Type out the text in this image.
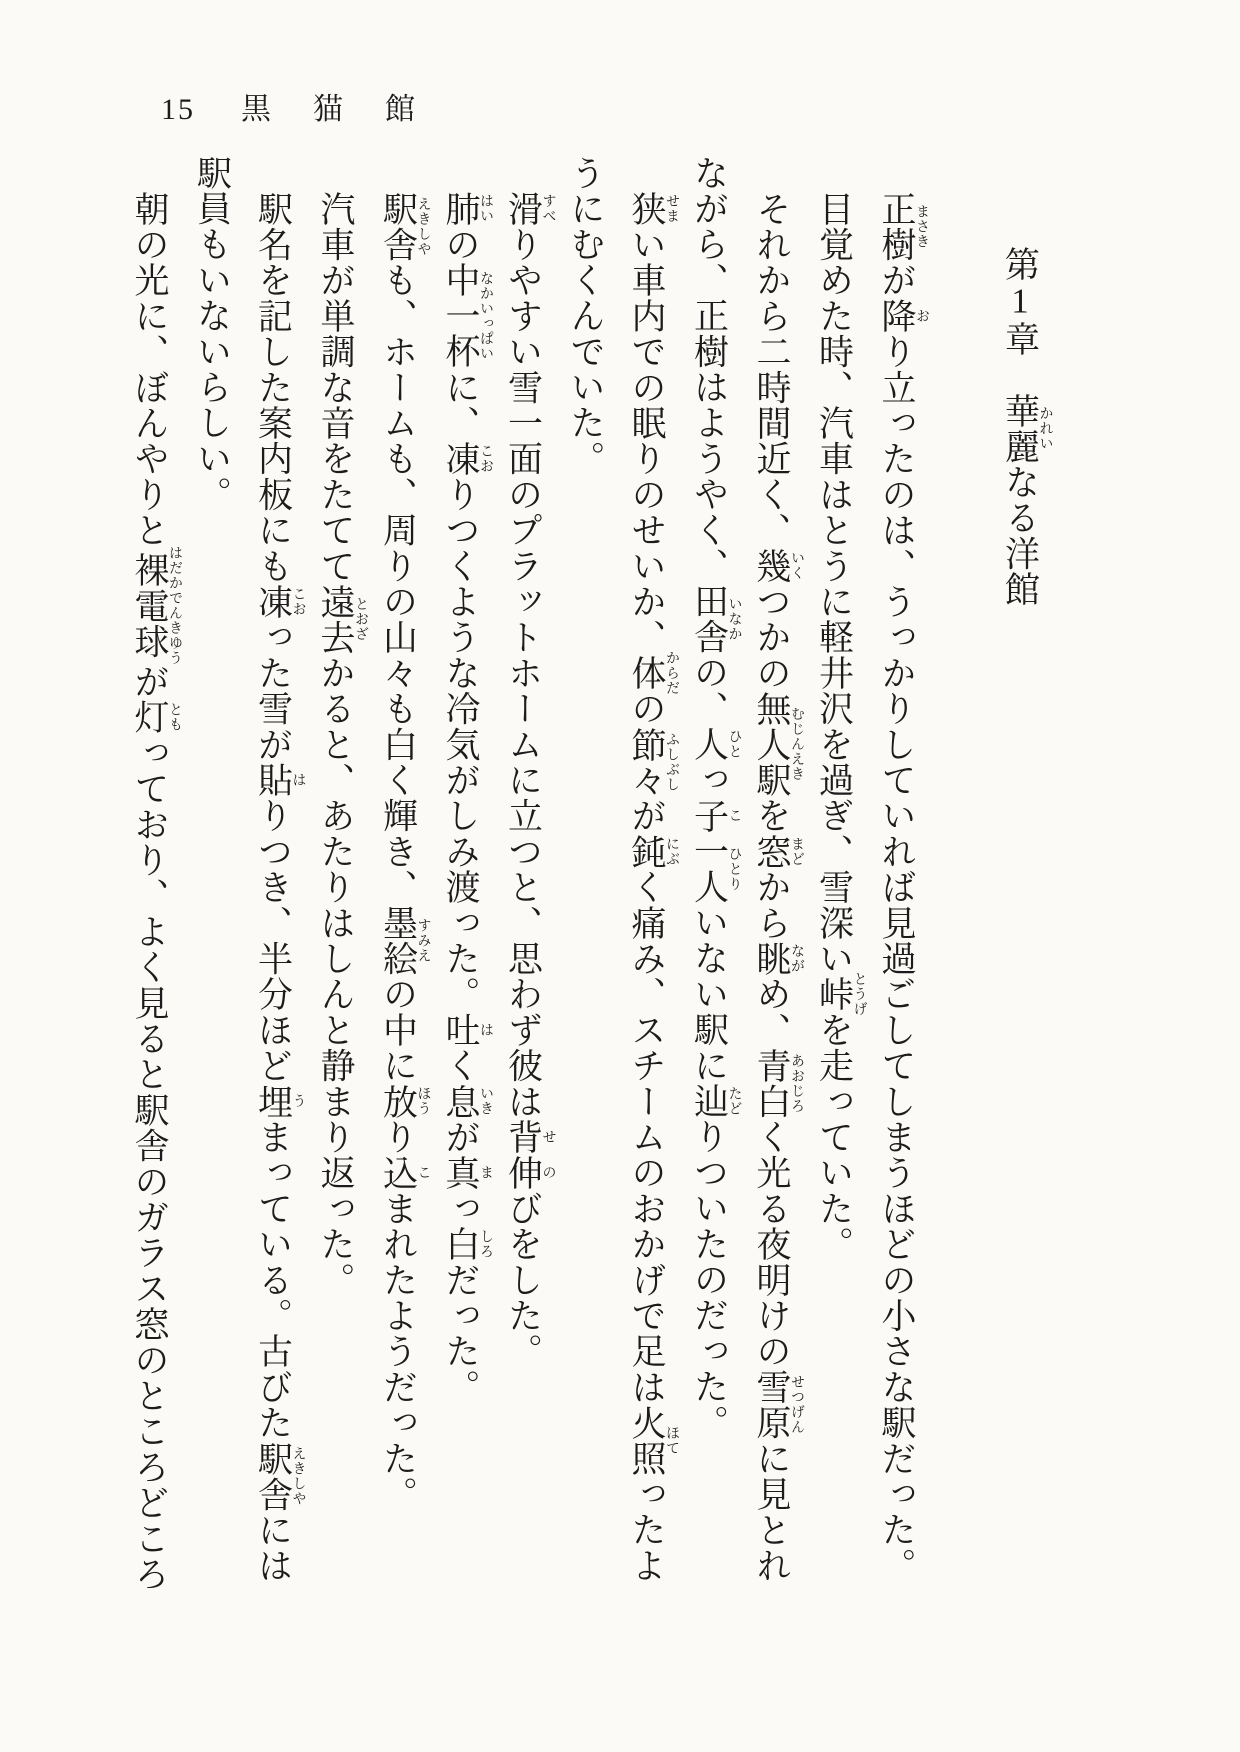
15 黒　猫　館
第1章　華麗かれいなる洋館

正樹まさきが降おり立ったのは、うっかりしていれば見過ごしてしまうほどの小さな駅だった。

目覚めた時、汽車はとうに軽井沢を過ぎ、雪深い峠とうげを走っていた。

それから二時間近く、幾いくつかの無人駅むじんえきを窓まどから眺ながめ、青白あおじろく光る夜明けの雪原せつげんに見とれ

ながら、正樹はようやく、田舎いなかの、人ひとっ子こ一人ひとりいない駅に辿たどりついたのだった。

狭せまい車内での眠りのせいか、体からだの節々ふしぶしが鈍にぶく痛み、スチームのおかげで足は火照ほてったよ

うにむくんでいた。

滑すべりやすい雪一面のプラットホームに立つと、思わず彼は背せ伸のびをした。

肺はいの中一杯なかいっぱいに、凍こおりつくような冷気がしみ渡った。吐はく息いきが真まっ白しろだった。

駅舎えきしやも、ホームも、周りの山々も白く輝き、墨絵すみえの中に放ほうり込こまれたようだった。

汽車が単調な音をたてて遠去とおざかると、あたりはしんと静まり返った。

駅名を記した案内板にも凍こおった雪が貼はりつき、半分ほど埋うまっている。古びた駅舎えきしやには

駅員もいないらしい。

朝の光に、ぼんやりと裸電球はだかでんきゆうが灯ともっており、よく見ると駅舎のガラス窓のところどころ
